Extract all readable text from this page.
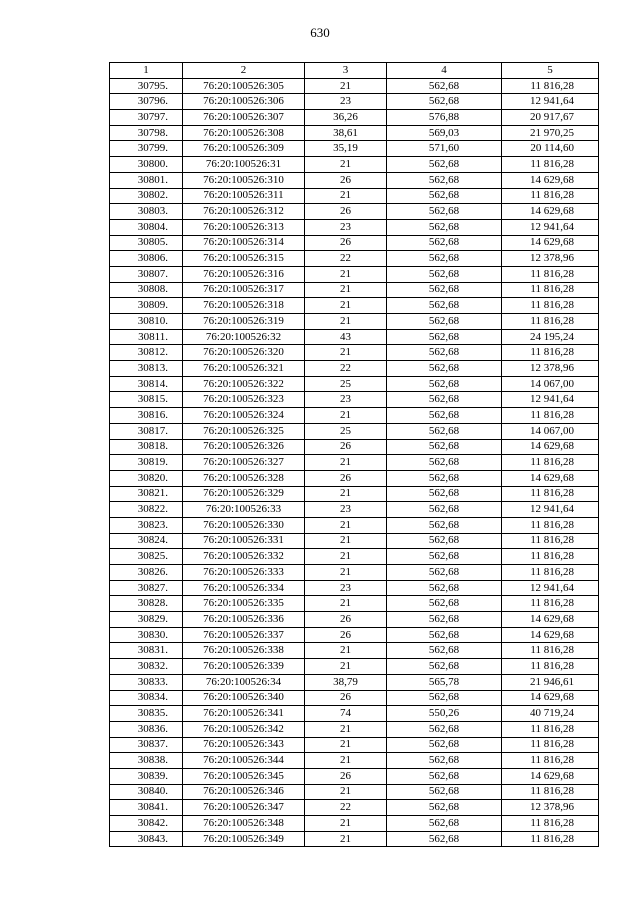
630
1	2	3	4	5
30795.	76:20:100526:305	21	562,68	11 816,28
30796.	76:20:100526:306	23	562,68	12 941,64
30797.	76:20:100526:307	36,26	576,88	20 917,67
30798.	76:20:100526:308	38,61	569,03	21 970,25
30799.	76:20:100526:309	35,19	571,60	20 114,60
30800.	76:20:100526:31	21	562,68	11 816,28
30801.	76:20:100526:310	26	562,68	14 629,68
30802.	76:20:100526:311	21	562,68	11 816,28
30803.	76:20:100526:312	26	562,68	14 629,68
30804.	76:20:100526:313	23	562,68	12 941,64
30805.	76:20:100526:314	26	562,68	14 629,68
30806.	76:20:100526:315	22	562,68	12 378,96
30807.	76:20:100526:316	21	562,68	11 816,28
30808.	76:20:100526:317	21	562,68	11 816,28
30809.	76:20:100526:318	21	562,68	11 816,28
30810.	76:20:100526:319	21	562,68	11 816,28
30811.	76:20:100526:32	43	562,68	24 195,24
30812.	76:20:100526:320	21	562,68	11 816,28
30813.	76:20:100526:321	22	562,68	12 378,96
30814.	76:20:100526:322	25	562,68	14 067,00
30815.	76:20:100526:323	23	562,68	12 941,64
30816.	76:20:100526:324	21	562,68	11 816,28
30817.	76:20:100526:325	25	562,68	14 067,00
30818.	76:20:100526:326	26	562,68	14 629,68
30819.	76:20:100526:327	21	562,68	11 816,28
30820.	76:20:100526:328	26	562,68	14 629,68
30821.	76:20:100526:329	21	562,68	11 816,28
30822.	76:20:100526:33	23	562,68	12 941,64
30823.	76:20:100526:330	21	562,68	11 816,28
30824.	76:20:100526:331	21	562,68	11 816,28
30825.	76:20:100526:332	21	562,68	11 816,28
30826.	76:20:100526:333	21	562,68	11 816,28
30827.	76:20:100526:334	23	562,68	12 941,64
30828.	76:20:100526:335	21	562,68	11 816,28
30829.	76:20:100526:336	26	562,68	14 629,68
30830.	76:20:100526:337	26	562,68	14 629,68
30831.	76:20:100526:338	21	562,68	11 816,28
30832.	76:20:100526:339	21	562,68	11 816,28
30833.	76:20:100526:34	38,79	565,78	21 946,61
30834.	76:20:100526:340	26	562,68	14 629,68
30835.	76:20:100526:341	74	550,26	40 719,24
30836.	76:20:100526:342	21	562,68	11 816,28
30837.	76:20:100526:343	21	562,68	11 816,28
30838.	76:20:100526:344	21	562,68	11 816,28
30839.	76:20:100526:345	26	562,68	14 629,68
30840.	76:20:100526:346	21	562,68	11 816,28
30841.	76:20:100526:347	22	562,68	12 378,96
30842.	76:20:100526:348	21	562,68	11 816,28
30843.	76:20:100526:349	21	562,68	11 816,28
